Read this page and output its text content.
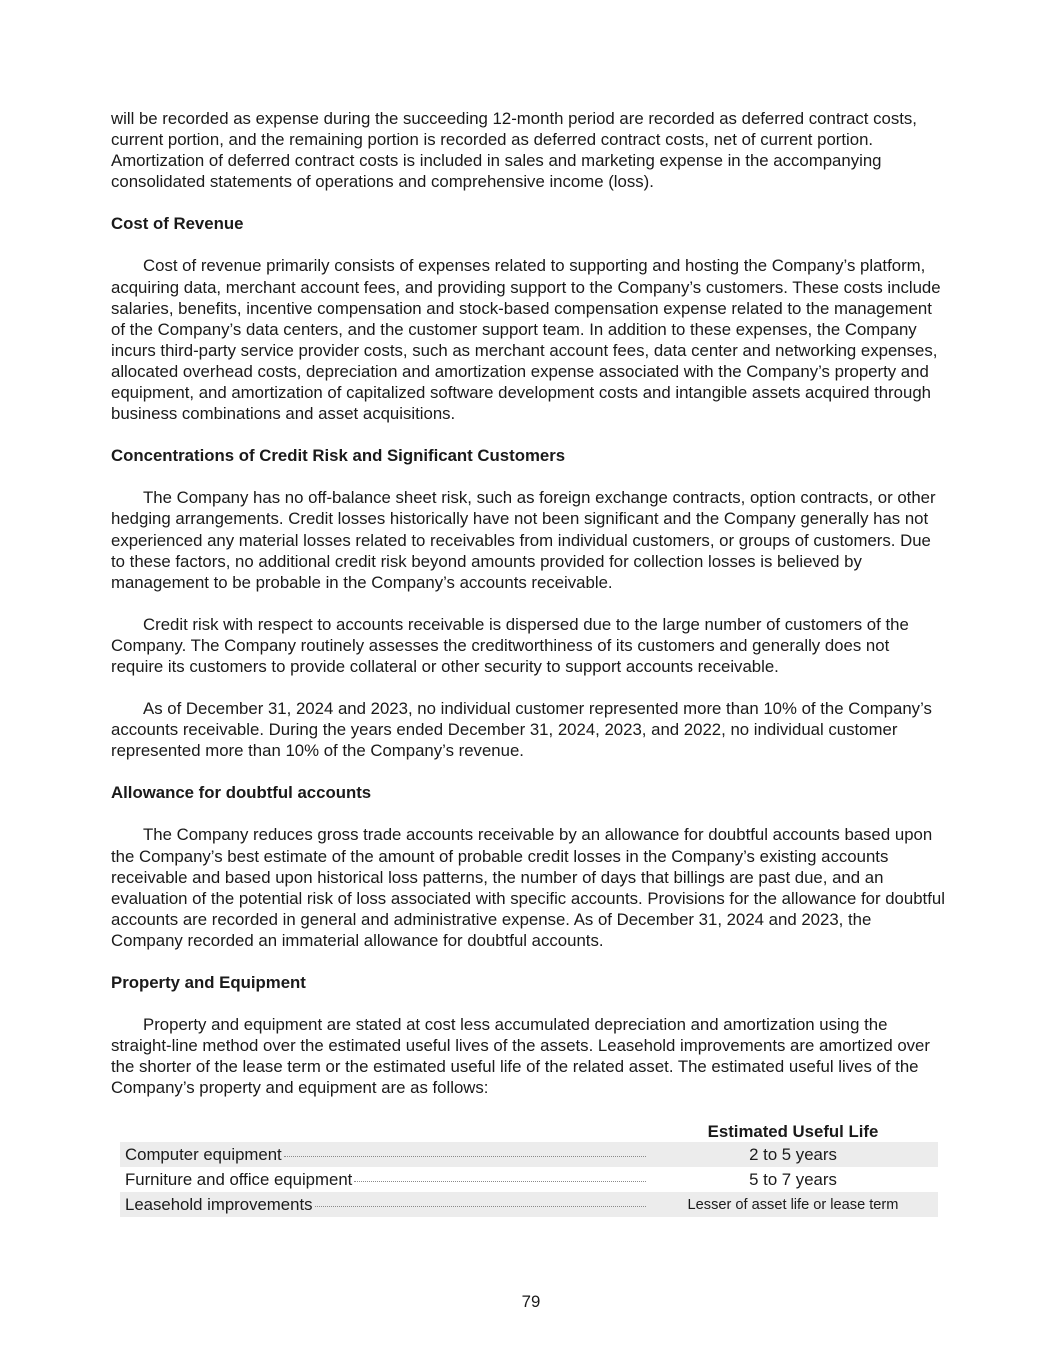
will be recorded as expense during the succeeding 12-month period are recorded as deferred contract costs, current portion, and the remaining portion is recorded as deferred contract costs, net of current portion. Amortization of deferred contract costs is included in sales and marketing expense in the accompanying consolidated statements of operations and comprehensive income (loss).

Cost of Revenue

Cost of revenue primarily consists of expenses related to supporting and hosting the Company’s platform, acquiring data, merchant account fees, and providing support to the Company’s customers. These costs include salaries, benefits, incentive compensation and stock-based compensation expense related to the management of the Company’s data centers, and the customer support team. In addition to these expenses, the Company incurs third-party service provider costs, such as merchant account fees, data center and networking expenses, allocated overhead costs, depreciation and amortization expense associated with the Company’s property and equipment, and amortization of capitalized software development costs and intangible assets acquired through business combinations and asset acquisitions.

Concentrations of Credit Risk and Significant Customers

The Company has no off-balance sheet risk, such as foreign exchange contracts, option contracts, or other hedging arrangements. Credit losses historically have not been significant and the Company generally has not experienced any material losses related to receivables from individual customers, or groups of customers. Due to these factors, no additional credit risk beyond amounts provided for collection losses is believed by management to be probable in the Company’s accounts receivable.

Credit risk with respect to accounts receivable is dispersed due to the large number of customers of the Company. The Company routinely assesses the creditworthiness of its customers and generally does not require its customers to provide collateral or other security to support accounts receivable.

As of December 31, 2024 and 2023, no individual customer represented more than 10% of the Company’s accounts receivable. During the years ended December 31, 2024, 2023, and 2022, no individual customer represented more than 10% of the Company’s revenue.

Allowance for doubtful accounts

The Company reduces gross trade accounts receivable by an allowance for doubtful accounts based upon the Company’s best estimate of the amount of probable credit losses in the Company’s existing accounts receivable and based upon historical loss patterns, the number of days that billings are past due, and an evaluation of the potential risk of loss associated with specific accounts. Provisions for the allowance for doubtful accounts are recorded in general and administrative expense. As of December 31, 2024 and 2023, the Company recorded an immaterial allowance for doubtful accounts.

Property and Equipment

Property and equipment are stated at cost less accumulated depreciation and amortization using the straight-line method over the estimated useful lives of the assets. Leasehold improvements are amortized over the shorter of the lease term or the estimated useful life of the related asset. The estimated useful lives of the Company’s property and equipment are as follows:

Estimated Useful Life
Computer equipment	2 to 5 years
Furniture and office equipment	5 to 7 years
Leasehold improvements	Lesser of asset life or lease term
79
